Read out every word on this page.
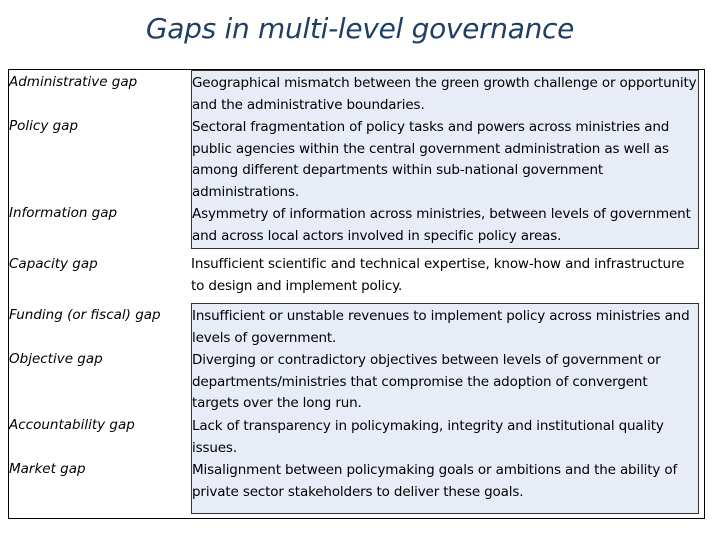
Gaps in multi-level governance
Administrative gap
Policy gap
Information gap
Capacity gap
Funding (or fiscal) gap
Objective gap
Accountability gap
Market gap
Geographical mismatch between the green growth challenge or opportunity and the administrative boundaries.
Sectoral fragmentation of policy tasks and powers across ministries and public agencies within the central government administration as well as among different departments within sub-national government administrations.
Asymmetry of information across ministries, between levels of government and across local actors involved in specific policy areas.
Insufficient scientific and technical expertise, know-how and infrastructure to design and implement policy.
Insufficient or unstable revenues to implement policy across ministries and levels of government.
Diverging or contradictory objectives between levels of government or departments/ministries that compromise the adoption of convergent targets over the long run.
Lack of transparency in policymaking, integrity and institutional quality issues.
Misalignment between policymaking goals or ambitions and the ability of private sector stakeholders to deliver these goals.
